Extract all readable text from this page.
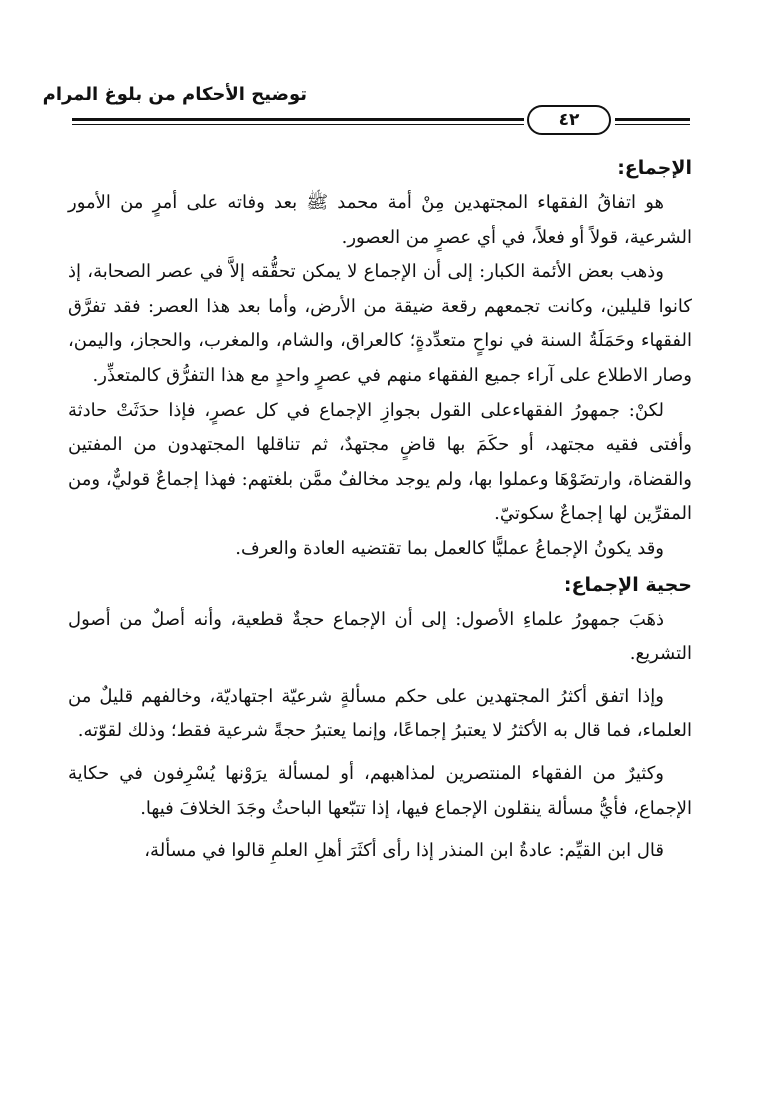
توضيح الأحكام من بلوغ المرام
٤٢

الإجماع:

هو اتفاقُ الفقهاء المجتهدين مِنْ أمة محمد ﷺ بعد وفاته على أمرٍ من الأمور الشرعية، قولاً أو فعلاً، في أي عصرٍ من العصور.

وذهب بعض الأئمة الكبار: إلى أن الإجماع لا يمكن تحقُّقه إلاَّ في عصر الصحابة، إذ كانوا قليلين، وكانت تجمعهم رقعة ضيقة من الأرض، وأما بعد هذا العصر: فقد تفرَّق الفقهاء وحَمَلَةُ السنة في نواحٍ متعدِّدةٍ؛ كالعراق، والشام، والمغرب، والحجاز، واليمن، وصار الاطلاع على آراء جميع الفقهاء منهم في عصرٍ واحدٍ مع هذا التفرُّق كالمتعذِّر.

لكنْ: جمهورُ الفقهاءعلى القول بجوازِ الإجماع في كل عصرٍ، فإذا حدَثَتْ حادثة وأفتى فقيه مجتهد، أو حكَمَ بها قاضٍ مجتهدٌ، ثم تناقلها المجتهدون من المفتين والقضاة، وارتضَوْهَا وعملوا بها، ولم يوجد مخالفٌ ممَّن بلغتهم: فهذا إجماعٌ قوليٌّ، ومن المقرِّين لها إجماعٌ سكوتيّ.

وقد يكونُ الإجماعُ عمليًّا كالعمل بما تقتضيه العادة والعرف.

حجية الإجماع:

ذهَبَ جمهورُ علماءِ الأصول: إلى أن الإجماع حجةٌ قطعية، وأنه أصلٌ من أصول التشريع.

وإذا اتفق أكثرُ المجتهدين على حكم مسألةٍ شرعيّة اجتهاديّة، وخالفهم قليلٌ من العلماء، فما قال به الأكثرُ لا يعتبرُ إجماعًا، وإنما يعتبرُ حجةً شرعية فقط؛ وذلك لقوّته.

وكثيرٌ من الفقهاء المنتصرين لمذاهبهم، أو لمسألة يرَوْنها يُسْرِفون في حكاية الإجماع، فأيُّ مسألة ينقلون الإجماع فيها، إذا تتبّعها الباحثُ وجَدَ الخلافَ فيها.

قال ابن القيِّم: عادةُ ابن المنذر إذا رأى أكثَرَ أهلِ العلمِ قالوا في مسألة،
